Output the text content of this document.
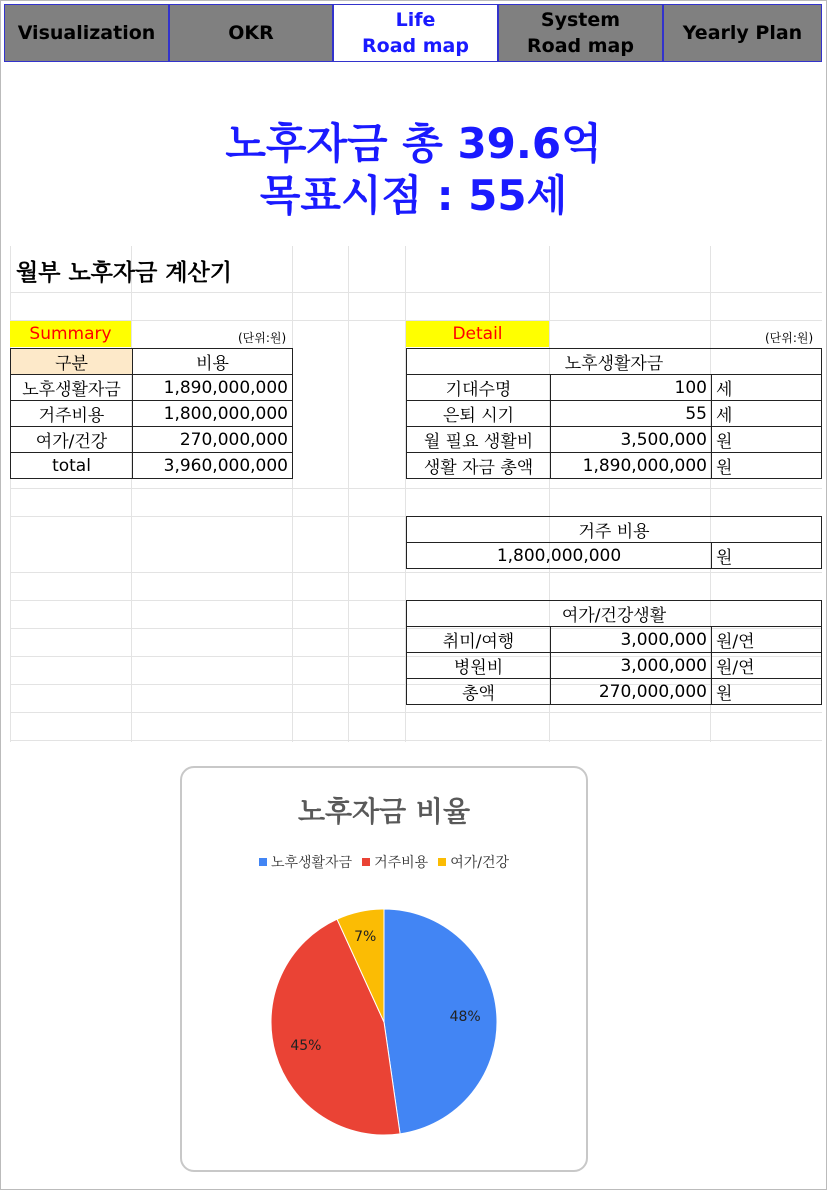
Visualization	OKR
Life
Road map
System
Road map
Yearly Plan
노후자금 총 39.6억
목표시점 : 55세
월부 노후자금 계산기
Summary	(단위:원)
구분	비용
노후생활자금	1,890,000,000
거주비용	1,800,000,000
여가/건강	270,000,000
total	3,960,000,000
Detail	(단위:원)
노후생활자금		
기대수명	100	세
은퇴 시기	55	세
월 필요 생활비	3,500,000	원
생활 자금 총액	1,890,000,000	원
거주 비용
1,800,000,000	원
여가/건강생활		
취미/여행	3,000,000	원/연
병원비	3,000,000	원/연
총액	270,000,000	원
노후자금 비율
노후생활자금 거주비용 여가/건강
48%
45%
7%
